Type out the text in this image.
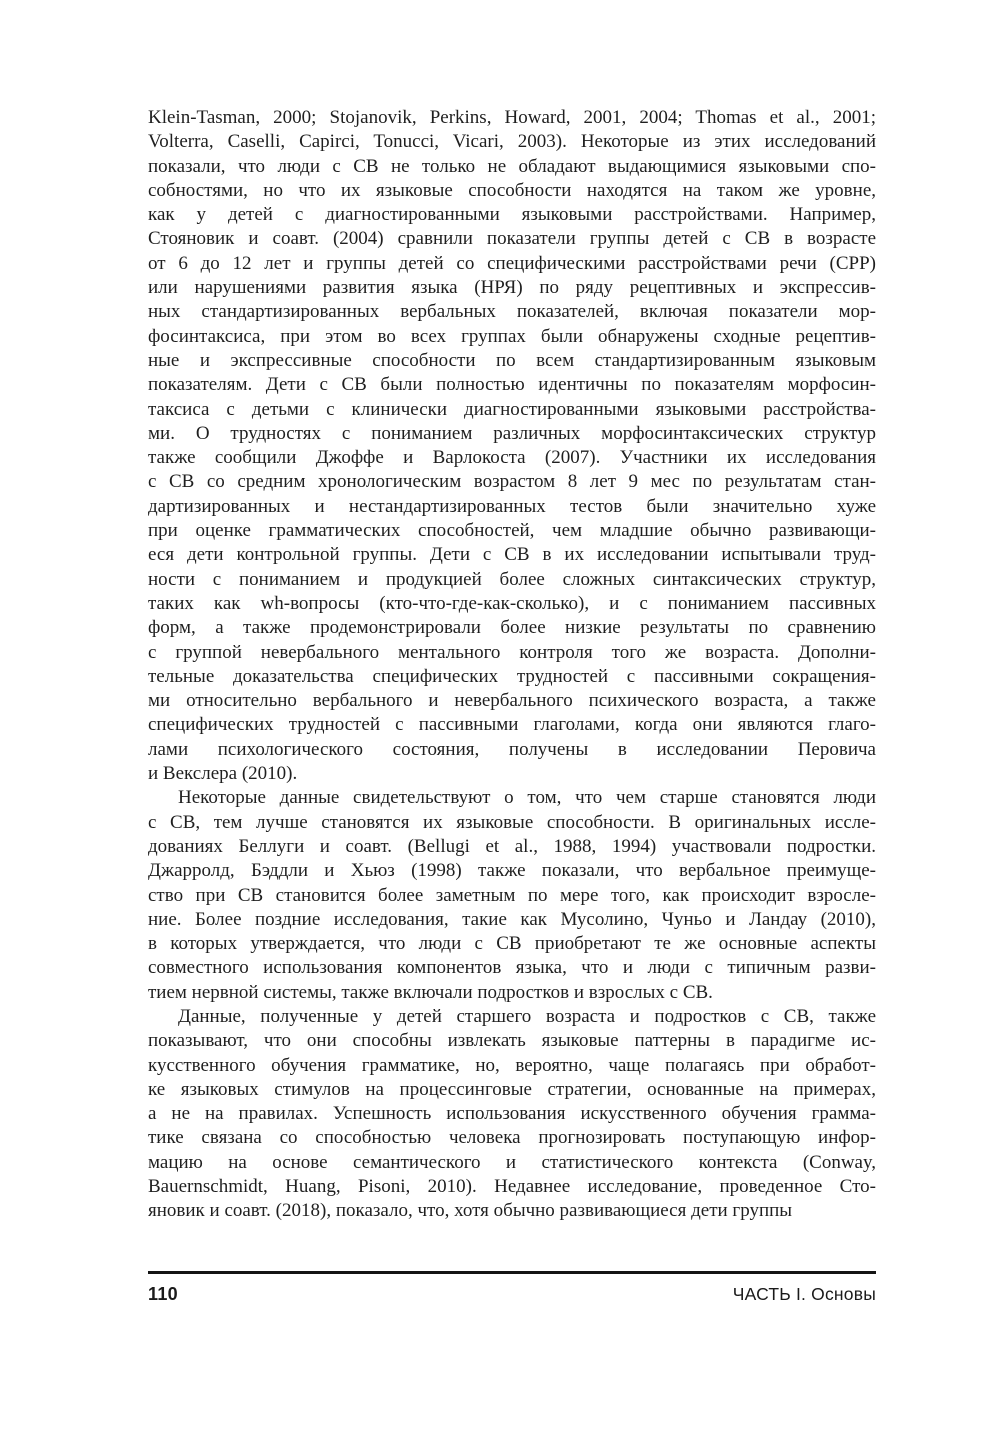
Klein-Tasman, 2000; Stojanovik, Perkins, Howard, 2001, 2004; Thomas et al., 2001;
Volterra, Caselli, Capirci, Tonucci, Vicari, 2003). Некоторые из этих исследований
показали, что люди с СВ не только не обладают выдающимися языковыми спо-
собностями, но что их языковые способности находятся на таком же уровне,
как у детей с диагностированными языковыми расстройствами. Например,
Стояновик и соавт. (2004) сравнили показатели группы детей с СВ в возрасте
от 6 до 12 лет и группы детей со специфическими расстройствами речи (СРР)
или нарушениями развития языка (НРЯ) по ряду рецептивных и экспрессив-
ных стандартизированных вербальных показателей, включая показатели мор-
фосинтаксиса, при этом во всех группах были обнаружены сходные рецептив-
ные и экспрессивные способности по всем стандартизированным языковым
показателям. Дети с СВ были полностью идентичны по показателям морфосин-
таксиса с детьми с клинически диагностированными языковыми расстройства-
ми. О трудностях с пониманием различных морфосинтаксических структур
также сообщили Джоффе и Варлокоста (2007). Участники их исследования
с СВ со средним хронологическим возрастом 8 лет 9 мес по результатам стан-
дартизированных и нестандартизированных тестов были значительно хуже
при оценке грамматических способностей, чем младшие обычно развивающи-
еся дети контрольной группы. Дети с СВ в их исследовании испытывали труд-
ности с пониманием и продукцией более сложных синтаксических структур,
таких как wh-вопросы (кто-что-где-как-сколько), и с пониманием пассивных
форм, а также продемонстрировали более низкие результаты по сравнению
с группой невербального ментального контроля того же возраста. Дополни-
тельные доказательства специфических трудностей с пассивными сокращения-
ми относительно вербального и невербального психического возраста, а также
специфических трудностей с пассивными глаголами, когда они являются глаго-
лами психологического состояния, получены в исследовании Перовича
и Векслера (2010).
Некоторые данные свидетельствуют о том, что чем старше становятся люди
с СВ, тем лучше становятся их языковые способности. В оригинальных иссле-
дованиях Беллуги и соавт. (Bellugi et al., 1988, 1994) участвовали подростки.
Джарролд, Бэддли и Хьюз (1998) также показали, что вербальное преимуще-
ство при СВ становится более заметным по мере того, как происходит взросле-
ние. Более поздние исследования, такие как Мусолино, Чуньо и Ландау (2010),
в которых утверждается, что люди с СВ приобретают те же основные аспекты
совместного использования компонентов языка, что и люди с типичным разви-
тием нервной системы, также включали подростков и взрослых с СВ.
Данные, полученные у детей старшего возраста и подростков с СВ, также
показывают, что они способны извлекать языковые паттерны в парадигме ис-
кусственного обучения грамматике, но, вероятно, чаще полагаясь при обработ-
ке языковых стимулов на процессинговые стратегии, основанные на примерах,
а не на правилах. Успешность использования искусственного обучения грамма-
тике связана со способностью человека прогнозировать поступающую инфор-
мацию на основе семантического и статистического контекста (Conway,
Bauernschmidt, Huang, Pisoni, 2010). Недавнее исследование, проведенное Сто-
яновик и соавт. (2018), показало, что, хотя обычно развивающиеся дети группы
110	ЧАСТЬ I. Основы
